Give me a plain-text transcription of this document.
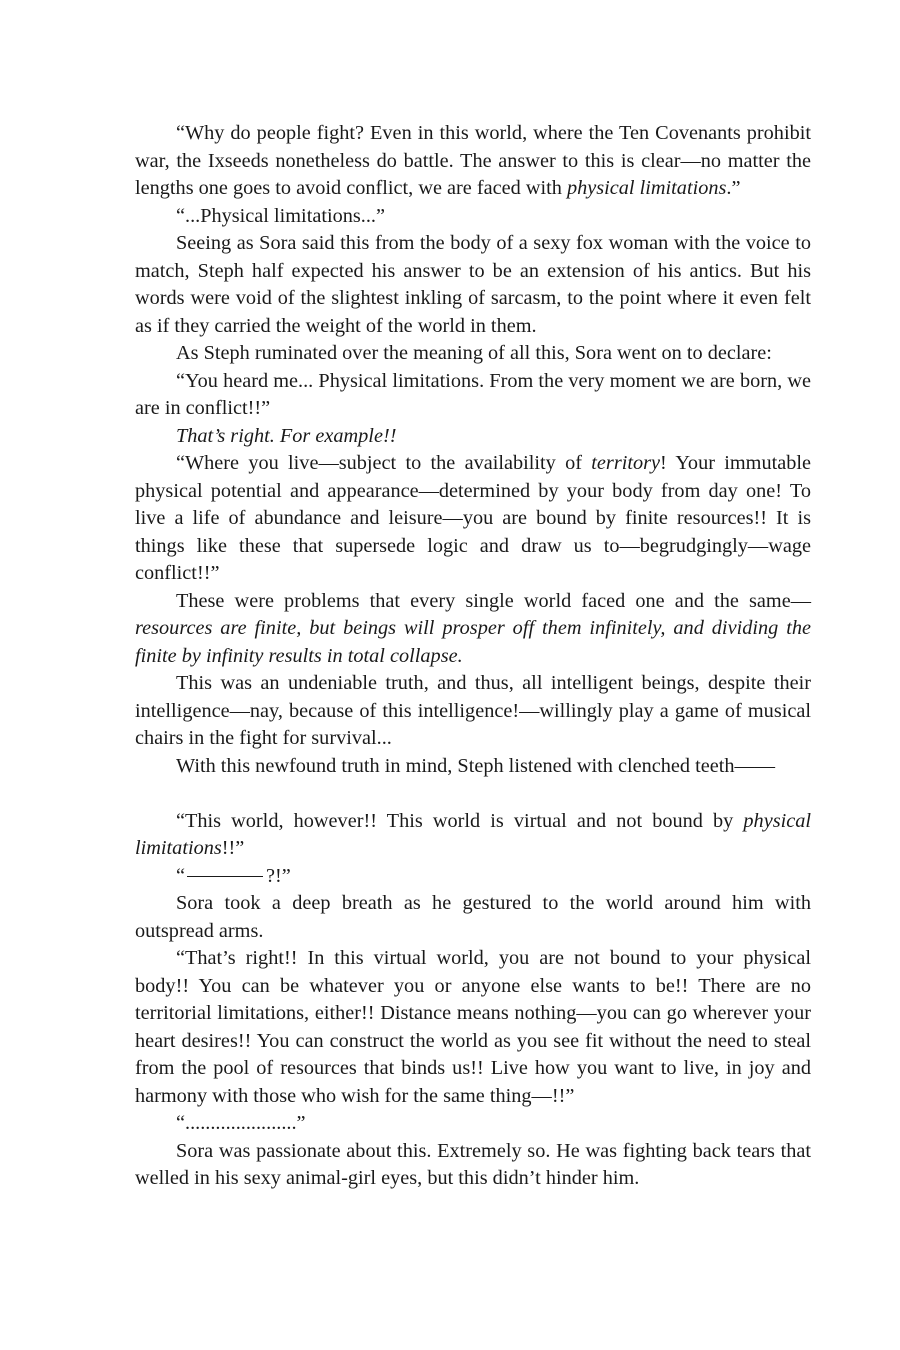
“Why do people fight? Even in this world, where the Ten Covenants prohibit war, the Ixseeds nonetheless do battle. The answer to this is clear—no matter the lengths one goes to avoid conflict, we are faced with physical limitations.”

“...Physical limitations...”

Seeing as Sora said this from the body of a sexy fox woman with the voice to match, Steph half expected his answer to be an extension of his antics. But his words were void of the slightest inkling of sarcasm, to the point where it even felt as if they carried the weight of the world in them.

As Steph ruminated over the meaning of all this, Sora went on to declare:

“You heard me... Physical limitations. From the very moment we are born, we are in conflict!!”

That’s right. For example!!

“Where you live—subject to the availability of territory! Your immutable physical potential and appearance—determined by your body from day one! To live a life of abundance and leisure—you are bound by finite resources!! It is things like these that supersede logic and draw us to—begrudgingly—wage conflict!!”

These were problems that every single world faced one and the same—resources are finite, but beings will prosper off them infinitely, and dividing the finite by infinity results in total collapse.

This was an undeniable truth, and thus, all intelligent beings, despite their intelligence—nay, because of this intelligence!—willingly play a game of musical chairs in the fight for survival...

With this newfound truth in mind, Steph listened with clenched teeth——

“This world, however!! This world is virtual and not bound by physical limitations!!”

“	?!”

Sora took a deep breath as he gestured to the world around him with outspread arms.

“That’s right!! In this virtual world, you are not bound to your physical body!! You can be whatever you or anyone else wants to be!! There are no territorial limitations, either!! Distance means nothing—you can go wherever your heart desires!! You can construct the world as you see fit without the need to steal from the pool of resources that binds us!! Live how you want to live, in joy and harmony with those who wish for the same thing—!!”

“......................”

Sora was passionate about this. Extremely so. He was fighting back tears that welled in his sexy animal-girl eyes, but this didn’t hinder him.
